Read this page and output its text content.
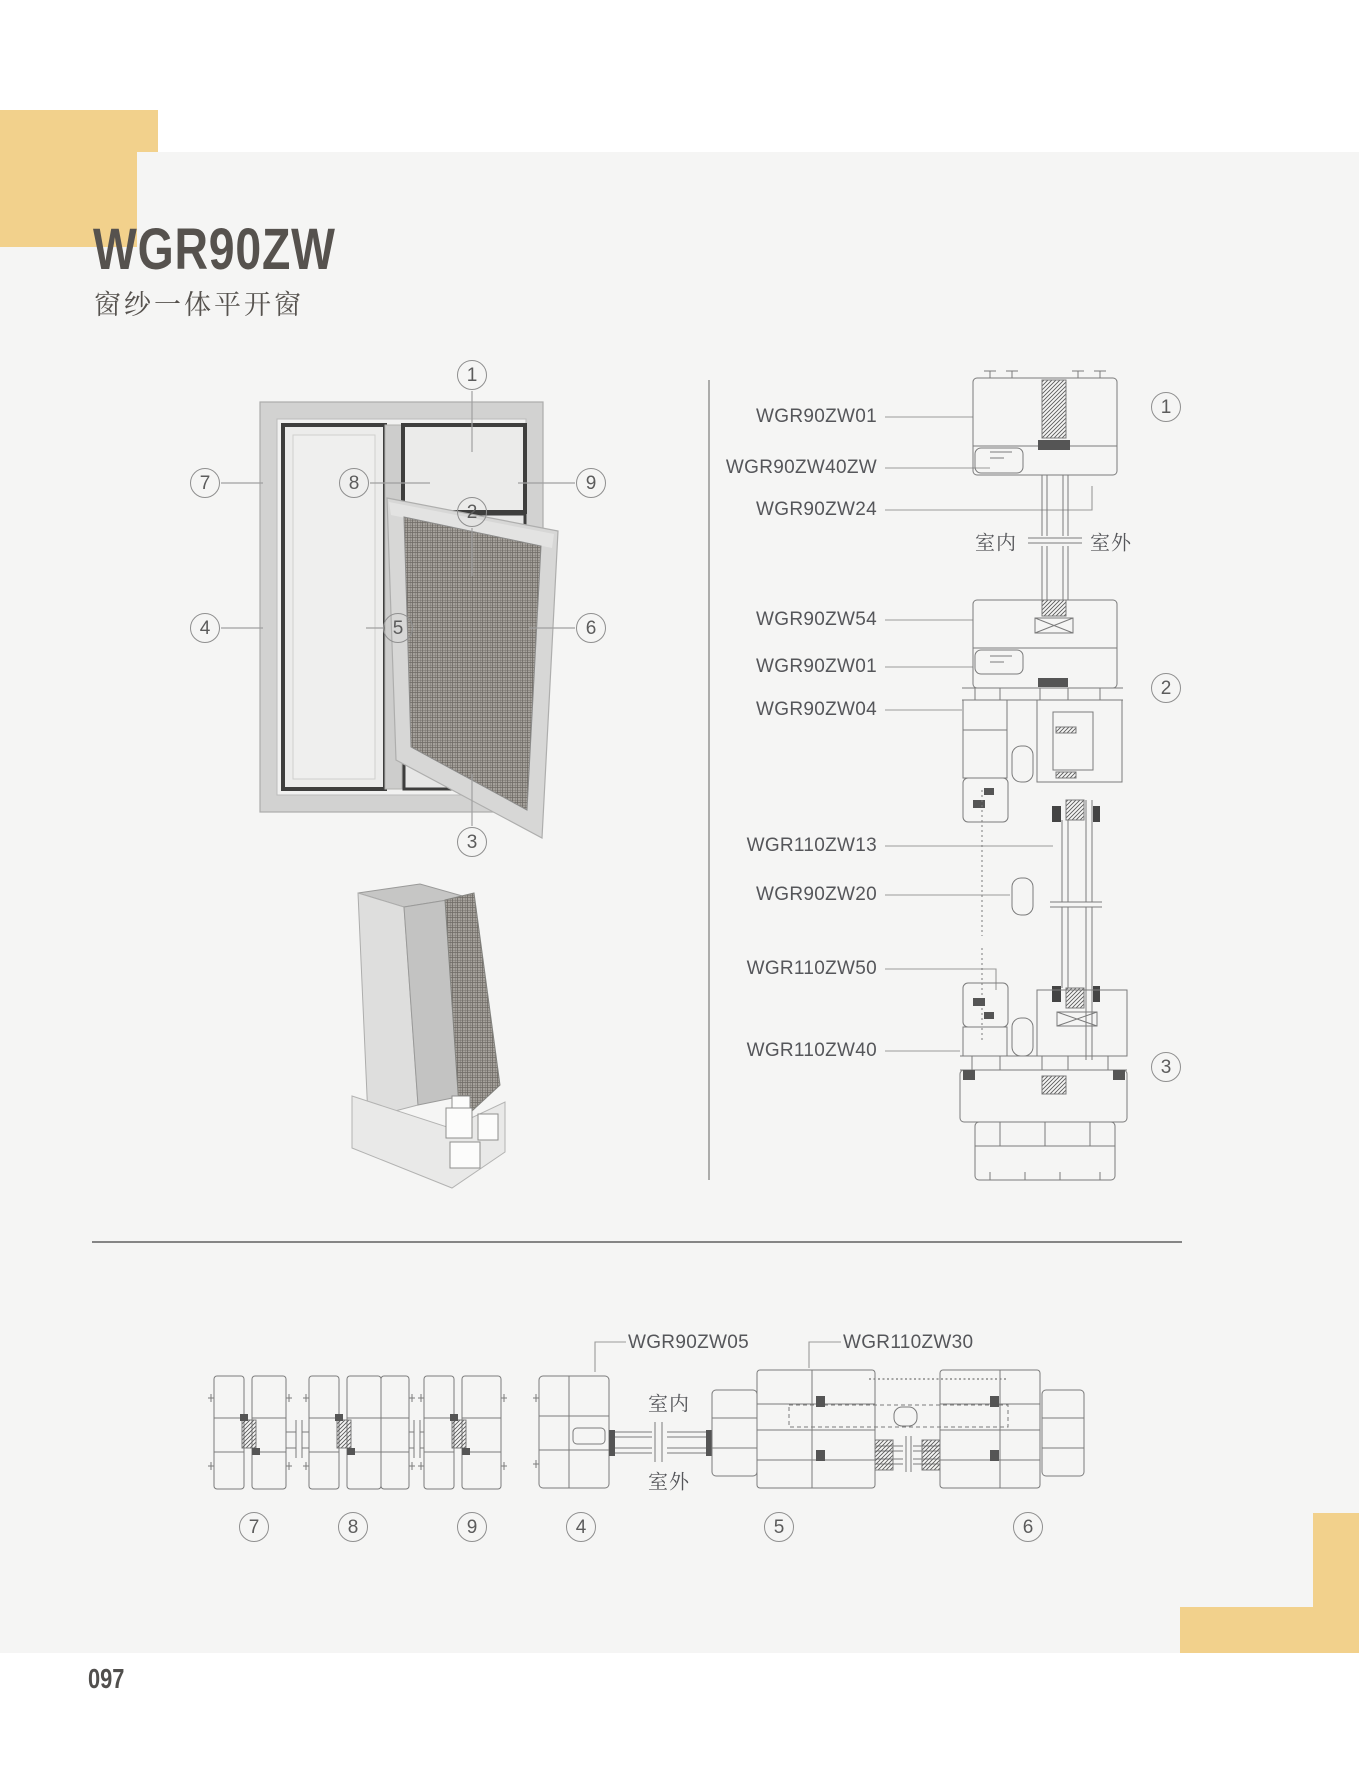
WGR90ZW
窗纱一体平开窗
097
WGR90ZW01
WGR90ZW40ZW
WGR90ZW24
WGR90ZW54
WGR90ZW01
WGR90ZW04
WGR110ZW13
WGR90ZW20
WGR110ZW50
WGR110ZW40
室内	室外
WGR90ZW05	WGR110ZW30
室内
室外
1
2
3
4	5	6
7	8	9
1
2
3
7	8	9	4	5	6
